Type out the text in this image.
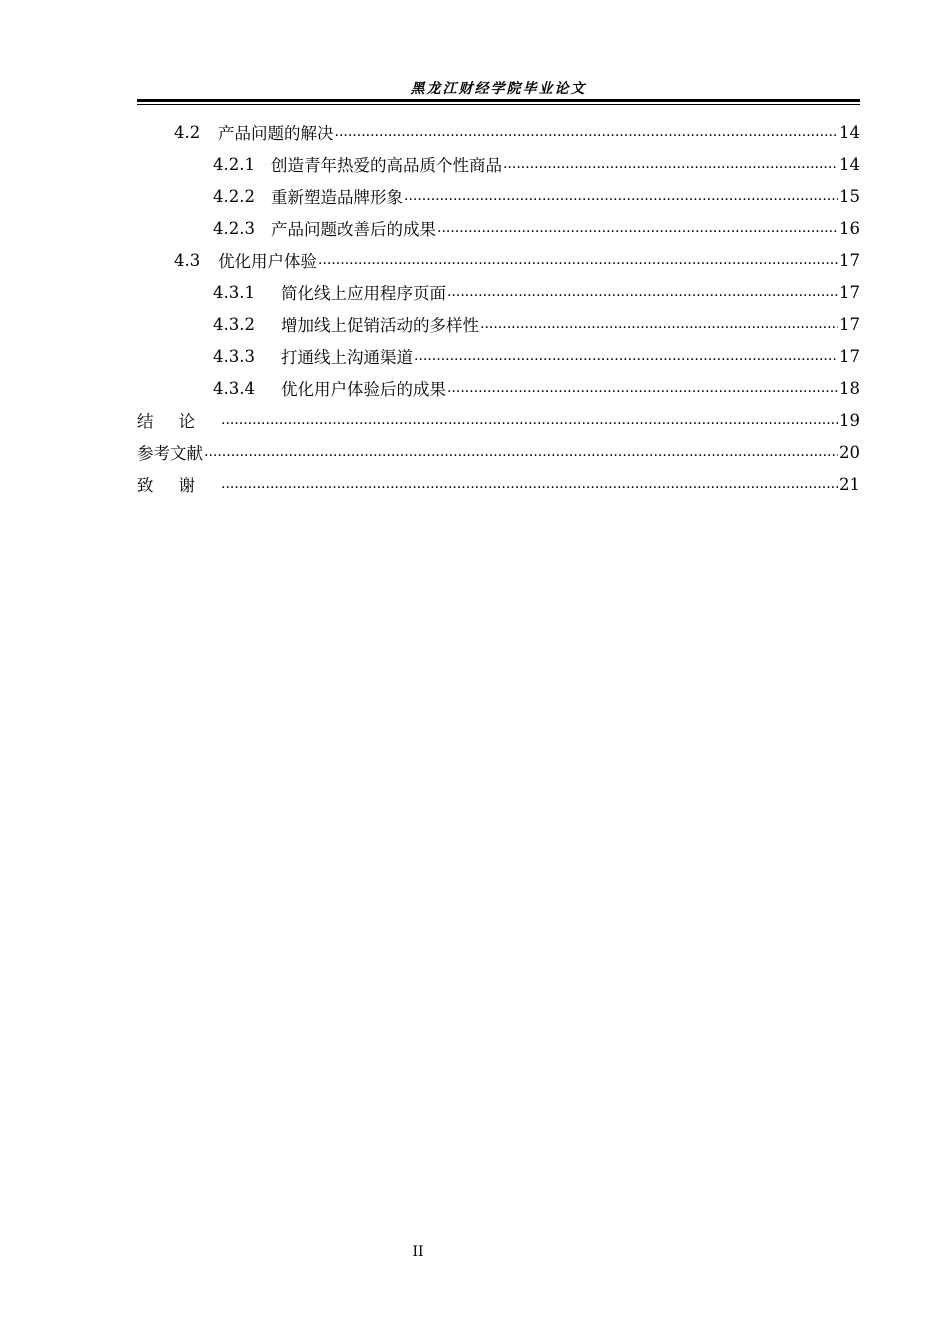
黑龙江财经学院毕业论文
4.2	产品问题的解决 .....	14
4.2.1 创造青年热爱的高品质个性商品 .....	14
4.2.2 重新塑造品牌形象 .....	15
4.2.3 产品问题改善后的成果 .....	16
4.3	优化用户体验 .....	17
4.3.1	简化线上应用程序页面 .....	17
4.3.2	增加线上促销活动的多样性 .....	17
4.3.3	打通线上沟通渠道 .....	17
4.3.4	优化用户体验后的成果 .....	18
结论 .....	19
参考文献 .....	20
致谢 .....	21
II
